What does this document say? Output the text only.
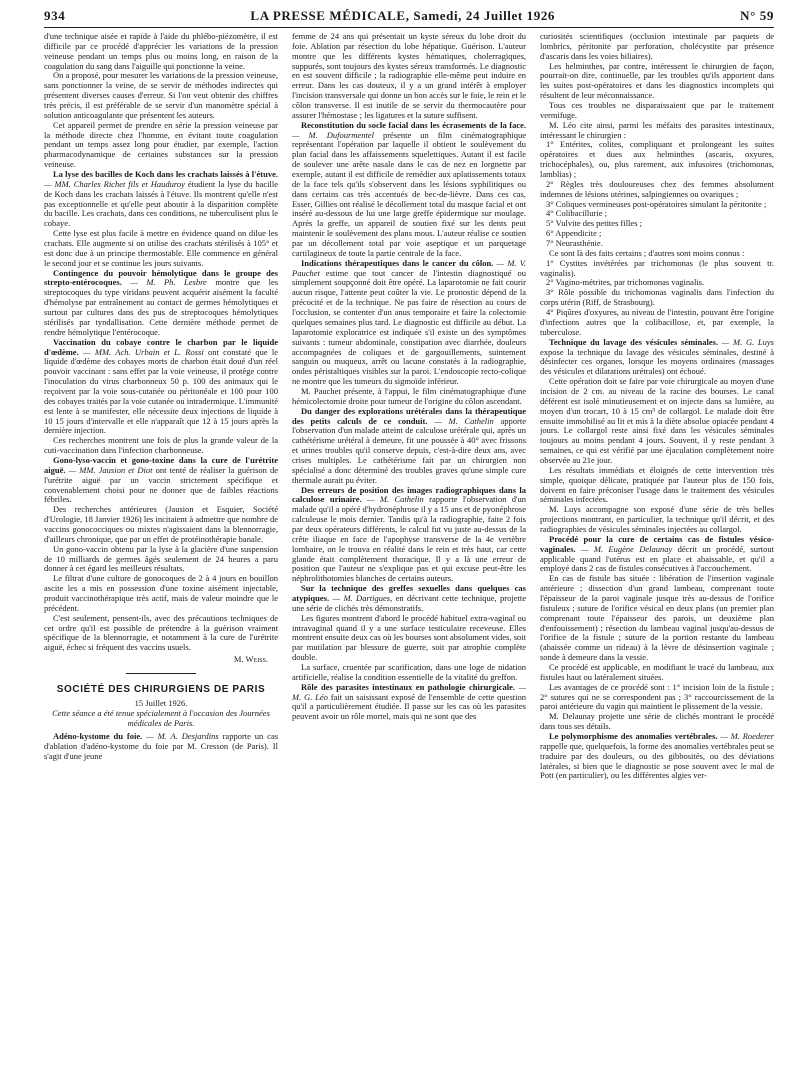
934	LA PRESSE MÉDICALE, Samedi, 24 Juillet 1926	N° 59

d'une technique aisée et rapide à l'aide du phlébo-piézomètre, il est difficile par ce procédé d'apprécier les variations de la pression veineuse pendant un temps plus ou moins long, en raison de la coagulation du sang dans l'aiguille qui ponctionne la veine.

On a proposé, pour mesurer les variations de la pression veineuse, sans ponctionner la veine, de se servir de méthodes indirectes qui présentent diverses causes d'erreur. Si l'on veut obtenir des chiffres très précis, il est préférable de se servir d'un manomètre spécial à solution anticoagulante que présentent les auteurs.

Cet appareil permet de prendre en série la pression veineuse par la méthode directe chez l'homme, en évitant toute coagulation pendant un temps assez long pour étudier, par exemple, l'action pharmacodynamique de certaines substances sur la pression veineuse.

La lyse des bacilles de Koch dans les crachats laissés à l'étuve. — MM. Charles Richet fils et Hauduroy étudient la lyse du bacille de Koch dans les crachats laissés à l'étuve. Ils montrent qu'elle n'est pas exceptionnelle et qu'elle peut aboutir à la disparition complète du bacille. Les crachats, dans ces conditions, ne tuberculisent plus le cobaye.

Cette lyse est plus facile à mettre en évidence quand on dilue les crachats. Elle augmente si on utilise des crachats stérilisés à 105° et est donc due à un principe thermostable. Elle commence en général le second jour et se continue les jours suivants.

Contingence du pouvoir hémolytique dans le groupe des strepto-entérocoques. — M. Ph. Lesbre montre que les streptocoques du type viridans peuvent acquérir aisément la faculté d'hémolyse par entraînement au contact de germes hémolytiques et surtout par cultures dans des pus de streptocoques hémolytiques stérilisés par tyndallisation. Cette dernière méthode permet de rendre hémolytique l'entérocoque.

Vaccination du cobaye contre le charbon par le liquide d'œdème. — MM. Ach. Urbain et L. Rossi ont constaté que le liquide d'œdème des cobayes morts de charbon était doué d'un réel pouvoir vaccinant : sans effet par la voie veineuse, il protège contre l'inoculation du virus charbonneux 50 p. 100 des animaux qui le reçoivent par la voie sous-cutanée ou péritonéale et 100 pour 100 des cobayes traités par la voie cutanée ou intradermique. L'immunité est lente à se manifester, elle nécessite deux injections de liquide à 10 15 jours d'intervalle et elle n'apparaît que 12 à 15 jours après la dernière injection.

Ces recherches montrent une fois de plus la grande valeur de la cuti-vaccination dans l'infection charbonneuse.

Gono-lyso-vaccin et gono-toxine dans la cure de l'urétrite aiguë. — MM. Jausion et Diot ont tenté de réaliser la guérison de l'urétrite aiguë par un vaccin strictement spécifique et convenablement choisi pour ne donner que de faibles réactions fébriles.

Des recherches antérieures (Jausion et Esquier, Société d'Urologie, 18 Janvier 1926) les incitaient à admettre que nombre de vaccins gonococciques ou mixtes n'agissaient dans la blennorragie, d'ailleurs chronique, que par un effet de protéinothérapie banale.

Un gono-vaccin obtenu par la lyse à la glacière d'une suspension de 10 milliards de germes âgés seulement de 24 heures a paru donner à cet égard les meilleurs résultats.

Le filtrat d'une culture de gonocoques de 2 à 4 jours en bouillon ascite les a mis en possession d'une toxine aisément injectable, produit vaccinothérapique très actif, mais de valeur moindre que le précédent.

C'est seulement, pensent-ils, avec des précautions techniques de cet ordre qu'il est possible de prétendre à la guérison vraiment spécifique de la blennorragie, et notamment à la cure de l'urétrite aiguë, échec si fréquent des vaccins usuels.

M. Weiss.
SOCIÉTÉ DES CHIRURGIENS DE PARIS
15 Juillet 1926.
Cette séance a été tenue spécialement à l'occasion des Journées médicales de Paris.

Adéno-kystome du foie. — M. A. Desjardins rapporte un cas d'ablation d'adéno-kystome du foie par M. Cresson (de Paris). Il s'agit d'une jeune

femme de 24 ans qui présentait un kyste séreux du lobe droit du foie. Ablation par résection du lobe hépatique. Guérison. L'auteur montre que les différents kystes hématiques, cholerragiques, suppurés, sont toujours des kystes séreux transformés. Le diagnostic en est souvent difficile ; la radiographie elle-même peut induire en erreur. Dans les cas douteux, il y a un grand intérêt à employer l'incision transversale qui donne un bon accès sur le foie, le rein et le côlon transverse. Il est inutile de se servir du thermocautère pour assurer l'hémostase ; les ligatures et la suture suffisent.

Reconstitution du socle facial dans les écrasements de la face. — M. Dufourmentel présente un film cinématographique représentant l'opération par laquelle il obtient le soulèvement du plan facial dans les affaissements squelettiques. Autant il est facile de soulever une arête nasale dans le cas de nez en lorgnette par exemple, autant il est difficile de remédier aux aplatissements totaux de la face tels qu'ils s'observent dans les lésions syphilitiques ou dans certains cas très accentués de bec-de-lièvre. Dans ces cas, Esser, Gillies ont réalisé le décollement total du masque facial et ont inséré au-dessous de lui une large greffe épidermique sur moulage. Après la greffe, un appareil de soutien fixé sur les dents peut maintenir le soulèvement des plans mous. L'auteur réalise ce soutien par un décollement total par voie aseptique et un parquetage cartilagineux de toute la partie centrale de la face.

Indications thérapeutiques dans le cancer du côlon. — M. V. Pauchet estime que tout cancer de l'intestin diagnostiqué ou simplement soupçonné doit être opéré. La laparotomie ne fait courir aucun risque, l'attente peut coûter la vie. Le pronostic dépend de la précocité et de la technique. Ne pas faire de résection au cours de l'occlusion, se contenter d'un anus temporaire et faire la colectomie quelques semaines plus tard. Le diagnostic est difficile au début. La laparotomie exploratrice est indiquée s'il existe un des symptômes suivants : tumeur abdominale, constipation avec diarrhée, douleurs accompagnées de coliques et de gargouillements, suintement sanguin ou muqueux, arrêt ou lacune constatés à la radiographie, ondes péristaltiques visibles sur la paroi. L'endoscopie recto-colique ne montre que les tumeurs du sigmoïde inférieur.

M. Pauchet présente, à l'appui, le film cinématographique d'une hémicolectomie droite pour tumeur de l'origine du côlon ascendant.

Du danger des explorations urétérales dans la thérapeutique des petits calculs de ce conduit. — M. Cathelin apporte l'observation d'un malade atteint de calculose urétérale qui, après un cathétérisme urétéral à demeure, fit une poussée à 40° avec frissons et urines troubles qu'il conserve depuis, c'est-à-dire deux ans, avec crises multiples. Le cathétérisme fait par un chirurgien non spécialisé a donc déterminé des troubles graves qu'une simple cure thermale aurait pu éviter.

Des erreurs de position des images radiographiques dans la calculose urinaire. — M. Cathelin rapporte l'observation d'un malade qu'il a opéré d'hydronéphrose il y a 15 ans et de pyonéphrose calculeuse le mois dernier. Tandis qu'à la radiographie, faite 2 fois par deux opérateurs différents, le calcul fut vu juste au-dessus de la crête iliaque en face de l'apophyse transverse de la 4e vertèbre lombaire, on le trouva en réalité dans le rein et très haut, car cette glande était complètement thoracique. Il y a là une erreur de position que l'auteur ne s'explique pas et qui excuse peut-être les néphrolithotomies blanches de certains auteurs.

Sur la technique des greffes sexuelles dans quelques cas atypiques. — M. Dartigues, en décrivant cette technique, projette une série de clichés très démonstratifs.

Les figures montrent d'abord le procédé habituel extra-vaginal ou intravaginal quand il y a une surface testiculaire receveuse. Elles montrent ensuite deux cas où les bourses sont absolument vides, soit par mutilation par blessure de guerre, soit par atrophie complète double.

La surface, cruentée par scarification, dans une loge de nidation artificielle, réalise la condition essentielle de la vitalité du greffon.

Rôle des parasites intestinaux en pathologie chirurgicale. — M. G. Léo fait un saisissant exposé de l'ensemble de cette question qu'il a particulièrement étudiée. Il passe sur les cas où les parasites peuvent avoir un rôle mortel, mais qui ne sont que des

curiosités scientifiques (occlusion intestinale par paquets de lombrics, péritonite par perforation, cholécystite par présence d'ascaris dans les voies biliaires).

Les helminthes, par contre, intéressent le chirurgien de façon, pourrait-on dire, continuelle, par les troubles qu'ils apportent dans les suites post-opératoires et dans les diagnostics incomplets qui résultent de leur méconnaissance.

Tous ces troubles ne disparaissaient que par le traitement vermifuge.

M. Léo cite ainsi, parmi les méfaits des parasites intestinaux, intéressant le chirurgien :

1° Entérites, colites, compliquant et prolongeant les suites opératoires et dues aux helminthes (ascaris, oxyures, trichocéphales), ou, plus rarement, aux infusoires (trichomonas, lamblias) ;

2° Règles très douloureuses chez des femmes absolument indemnes de lésions utérines, salpingiennes ou ovariques ;

3° Coliques vermineuses post-opératoires simulant la péritonite ;

4° Colibacillurie ;

5° Vulvite des petites filles ;

6° Appendicite ;

7° Neurasthénie.

Ce sont là des faits certains ; d'autres sont moins connus :

1° Cystites invétérées par trichomonas (le plus souvent tr. vaginalis).

2° Vagino-métrites, par trichomonas vaginalis.

3° Rôle possible du trichomonas vaginalis dans l'infection du corps utérin (Riff, de Strasbourg).

4° Piqûres d'oxyures, au niveau de l'intestin, pouvant être l'origine d'infections autres que la colibacillose, et, par exemple, la tuberculose.

Technique du lavage des vésicules séminales. — M. G. Luys expose la technique du lavage des vésicules séminales, destiné à désinfecter ces organes, lorsque les moyens ordinaires (massages des vésicules et dilatations urétrales) ont échoué.

Cette opération doit se faire par voie chirurgicale au moyen d'une incision de 2 cm. au niveau de la racine des bourses. Le canal déférent est isolé minutieusement et on injecte dans sa lumière, au moyen d'un trocart, 10 à 15 cm³ de collargol. Le malade doit être ensuite immobilisé au lit et mis à la diète absolue opiacée pendant 4 jours. Le collargol reste ainsi fixé dans les vésicules séminales toujours au moins pendant 4 jours. Souvent, il y reste pendant 3 semaines, ce qui est vérifié par une éjaculation complètement noire observée au 21e jour.

Les résultats immédiats et éloignés de cette intervention très simple, quoique délicate, pratiquée par l'auteur plus de 150 fois, doivent en faire préconiser l'usage dans le traitement des vésicules séminales infectées.

M. Luys accompagne son exposé d'une série de très belles projections montrant, en particulier, la technique qu'il décrit, et des radiographies de vésicules séminales injectées au collargol.

Procédé pour la cure de certains cas de fistules vésico-vaginales. — M. Eugène Delaunay décrit un procédé, surtout applicable quand l'utérus est en place et abaissable, et qu'il a employé dans 2 cas de fistules consécutives à l'accouchement.

En cas de fistule bas située : libération de l'insertion vaginale antérieure ; dissection d'un grand lambeau, comprenant toute l'épaisseur de la paroi vaginale jusque très au-dessus de l'orifice fistuleux ; suture de l'orifice vésical en deux plans (un premier plan comprenant toute l'épaisseur des parois, un deuxième plan d'enfouissement) ; résection du lambeau vaginal jusqu'au-dessus de l'orifice de la fistule ; suture de la portion restante du lambeau (abaissée comme un rideau) à la lèvre de désinsertion vaginale ; sonde à demeure dans la vessie.

Ce procédé est applicable, en modifiant le tracé du lambeau, aux fistules haut ou latéralement situées.

Les avantages de ce procédé sont : 1° incision loin de la fistule ; 2° sutures qui ne se correspondent pas ; 3° raccourcissement de la paroi antérieure du vagin qui maintient le plissement de la vessie.

M. Delaunay projette une série de clichés montrant le procédé dans tous ses détails.

Le polymorphisme des anomalies vertébrales. — M. Roederer rappelle que, quelquefois, la forme des anomalies vertébrales peut se traduire par des douleurs, ou des gibbosités, ou des déviations latérales, si bien que le diagnostic se pose souvent avec le mal de Pott (en particulier), ou les différentes algies ver-
